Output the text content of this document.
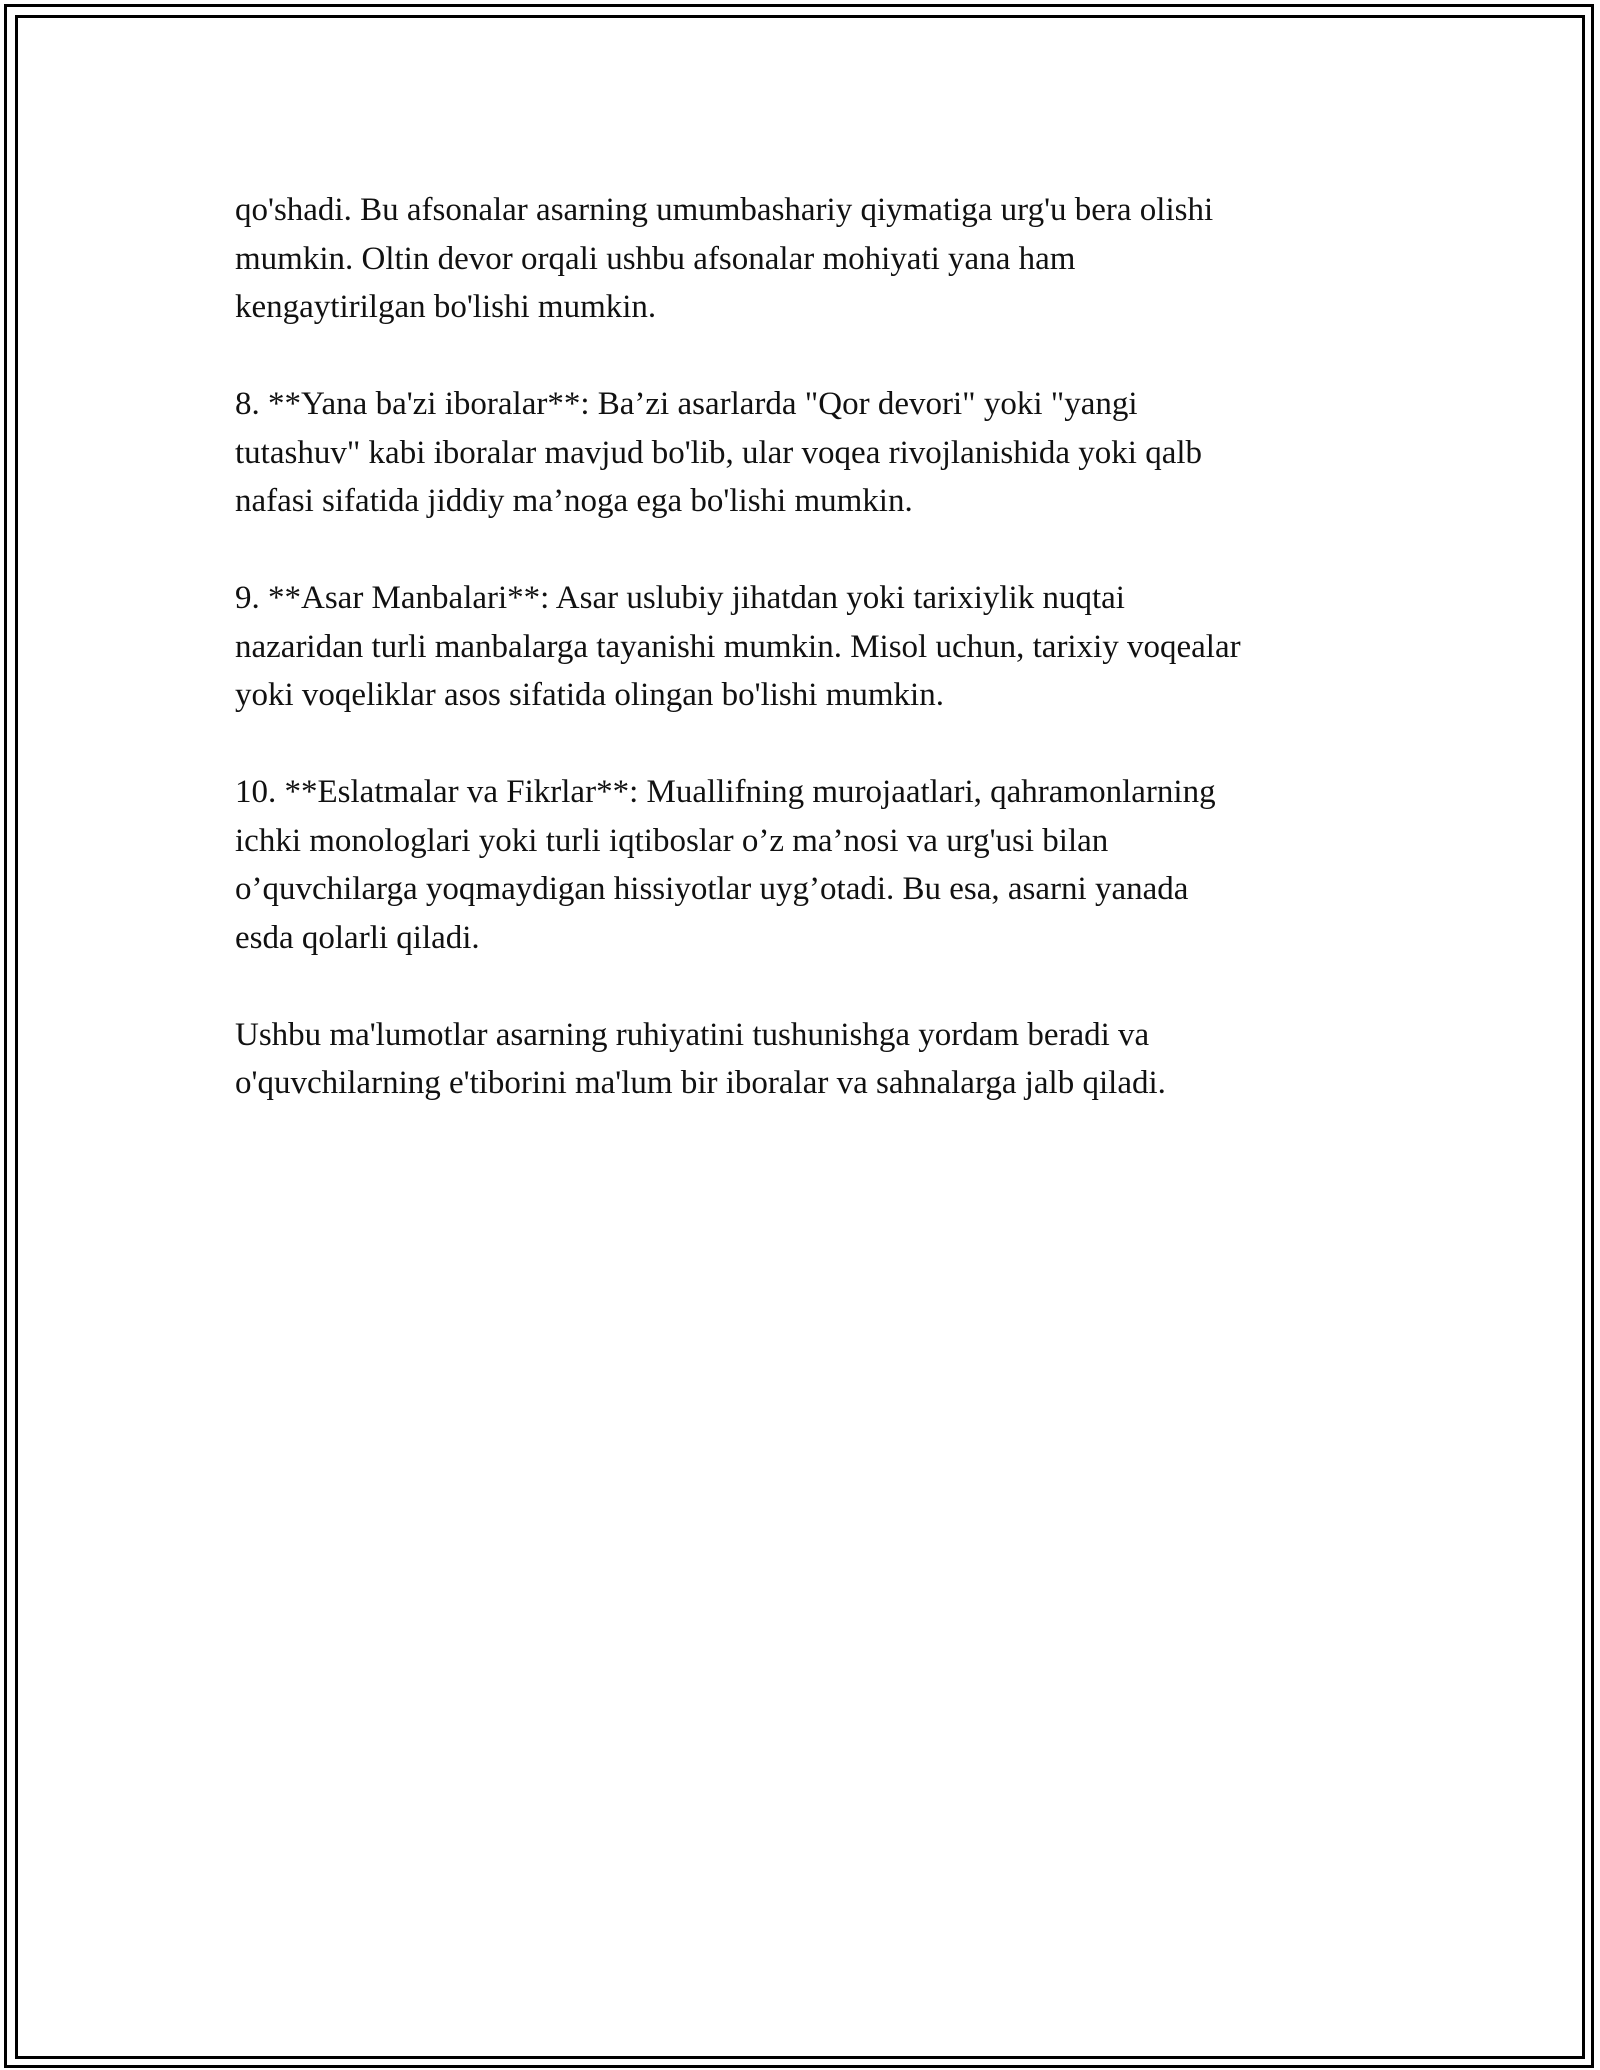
qo'shadi. Bu afsonalar asarning umumbashariy qiymatiga urg'u bera olishi
mumkin. Oltin devor orqali ushbu afsonalar mohiyati yana ham
kengaytirilgan bo'lishi mumkin.

8. **Yana ba'zi iboralar**: Ba’zi asarlarda "Qor devori" yoki "yangi
tutashuv" kabi iboralar mavjud bo'lib, ular voqea rivojlanishida yoki qalb
nafasi sifatida jiddiy ma’noga ega bo'lishi mumkin.

9. **Asar Manbalari**: Asar uslubiy jihatdan yoki tarixiylik nuqtai
nazaridan turli manbalarga tayanishi mumkin. Misol uchun, tarixiy voqealar
yoki voqeliklar asos sifatida olingan bo'lishi mumkin.

10. **Eslatmalar va Fikrlar**: Muallifning murojaatlari, qahramonlarning
ichki monologlari yoki turli iqtiboslar o’z ma’nosi va urg'usi bilan
o’quvchilarga yoqmaydigan hissiyotlar uyg’otadi. Bu esa, asarni yanada
esda qolarli qiladi.

Ushbu ma'lumotlar asarning ruhiyatini tushunishga yordam beradi va
o'quvchilarning e'tiborini ma'lum bir iboralar va sahnalarga jalb qiladi.
